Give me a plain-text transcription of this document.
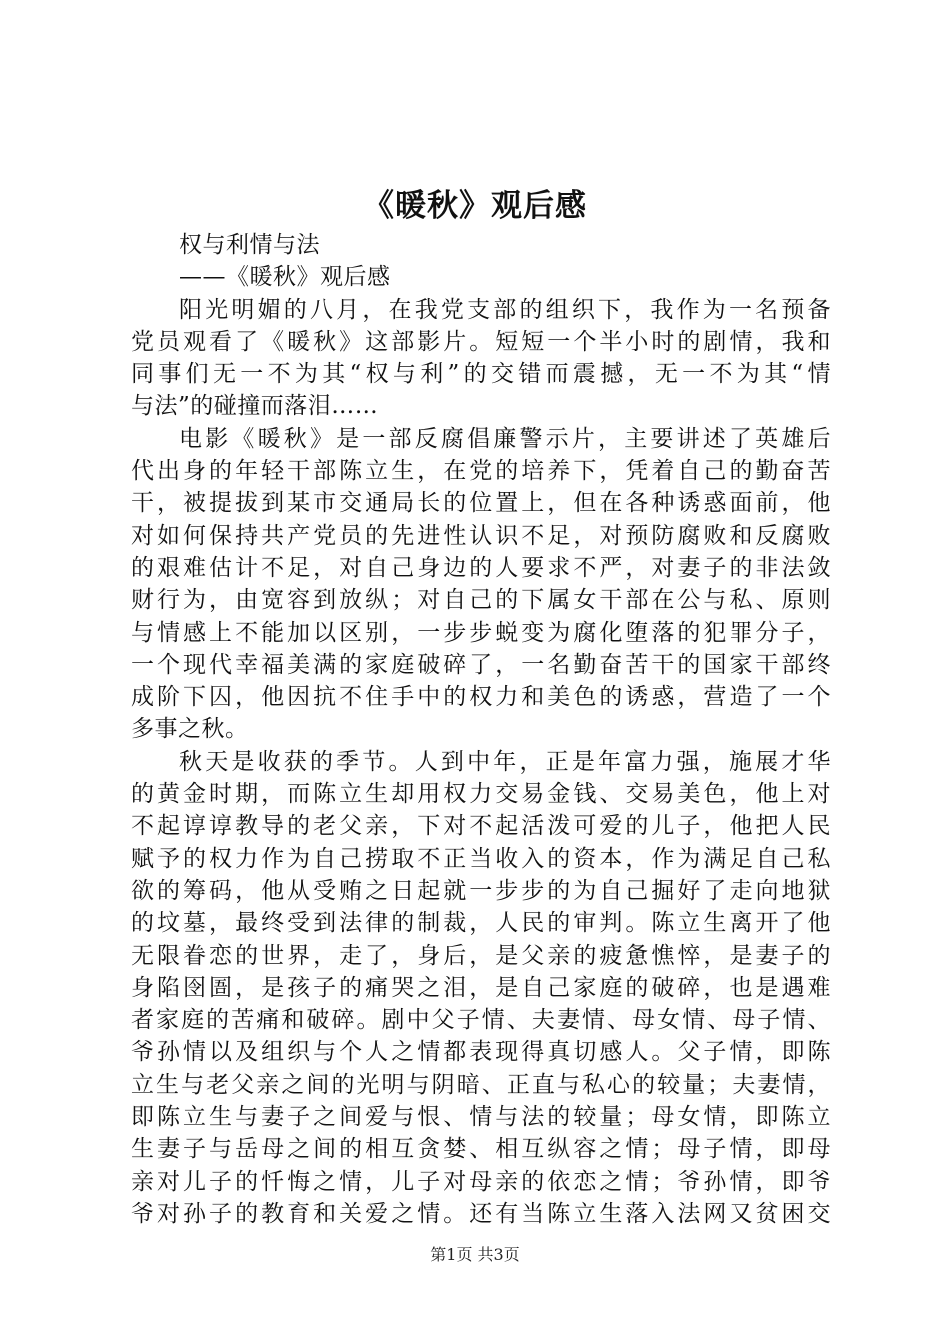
《暖秋》观后感
权与利情与法
——《暖秋》观后感
阳光明媚的八月，在我党支部的组织下，我作为一名预备
党员观看了《暖秋》这部影片。短短一个半小时的剧情，我和
同事们无一不为其“权与利”的交错而震撼，无一不为其“情
与法”的碰撞而落泪……
电影《暖秋》是一部反腐倡廉警示片，主要讲述了英雄后
代出身的年轻干部陈立生，在党的培养下，凭着自己的勤奋苦
干，被提拔到某市交通局长的位置上，但在各种诱惑面前，他
对如何保持共产党员的先进性认识不足，对预防腐败和反腐败
的艰难估计不足，对自己身边的人要求不严，对妻子的非法敛
财行为，由宽容到放纵；对自己的下属女干部在公与私、原则
与情感上不能加以区别，一步步蜕变为腐化堕落的犯罪分子，
一个现代幸福美满的家庭破碎了，一名勤奋苦干的国家干部终
成阶下囚，他因抗不住手中的权力和美色的诱惑，营造了一个
多事之秋。
秋天是收获的季节。人到中年，正是年富力强，施展才华
的黄金时期，而陈立生却用权力交易金钱、交易美色，他上对
不起谆谆教导的老父亲，下对不起活泼可爱的儿子，他把人民
赋予的权力作为自己捞取不正当收入的资本，作为满足自己私
欲的筹码，他从受贿之日起就一步步的为自己掘好了走向地狱
的坟墓，最终受到法律的制裁，人民的审判。陈立生离开了他
无限眷恋的世界，走了，身后，是父亲的疲惫憔悴，是妻子的
身陷囹圄，是孩子的痛哭之泪，是自己家庭的破碎，也是遇难
者家庭的苦痛和破碎。剧中父子情、夫妻情、母女情、母子情、
爷孙情以及组织与个人之情都表现得真切感人。父子情，即陈
立生与老父亲之间的光明与阴暗、正直与私心的较量；夫妻情，
即陈立生与妻子之间爱与恨、情与法的较量；母女情，即陈立
生妻子与岳母之间的相互贪婪、相互纵容之情；母子情，即母
亲对儿子的忏悔之情，儿子对母亲的依恋之情；爷孙情，即爷
爷对孙子的教育和关爱之情。还有当陈立生落入法网又贫困交
第1页 共3页
